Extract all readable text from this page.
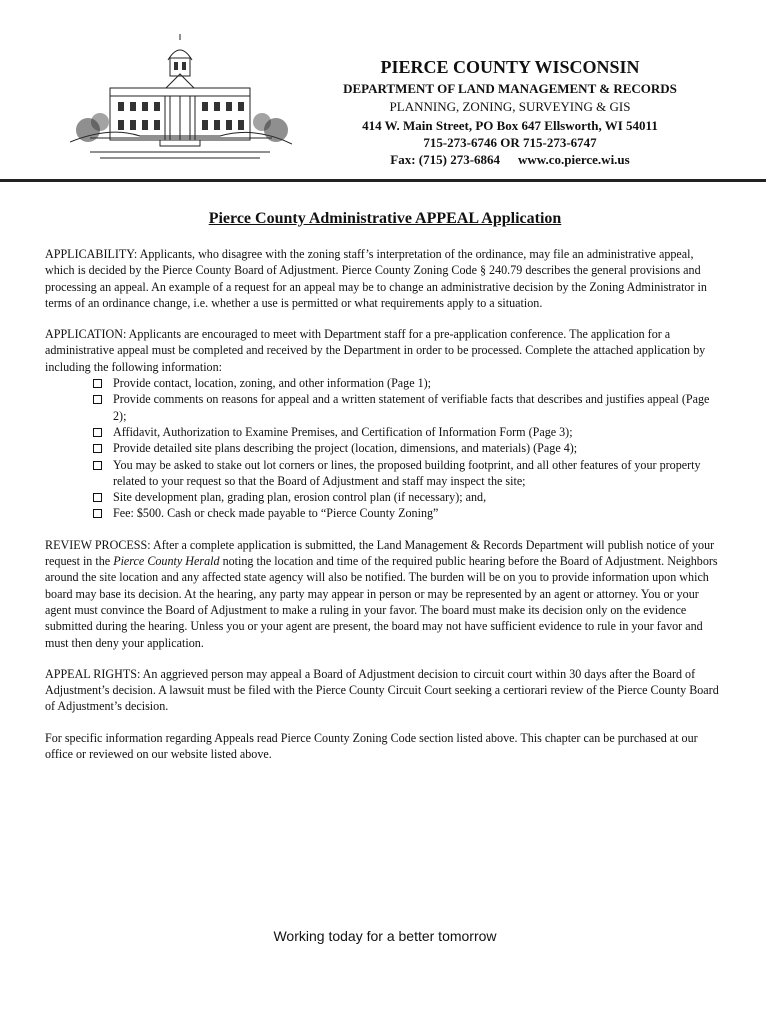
PIERCE COUNTY WISCONSIN
DEPARTMENT OF LAND MANAGEMENT & RECORDS
PLANNING, ZONING, SURVEYING & GIS
414 W. Main Street, PO Box 647 Ellsworth, WI 54011
715-273-6746 OR 715-273-6747
Fax: (715) 273-6864 www.co.pierce.wi.us
Pierce County Administrative APPEAL Application

APPLICABILITY: Applicants, who disagree with the zoning staff’s interpretation of the ordinance, may file an administrative appeal, which is decided by the Pierce County Board of Adjustment. Pierce County Zoning Code § 240.79 describes the general provisions and processing an appeal. An example of a request for an appeal may be to change an administrative decision by the Zoning Administrator in terms of an ordinance change, i.e. whether a use is permitted or what requirements apply to a situation.

APPLICATION: Applicants are encouraged to meet with Department staff for a pre-application conference. The application for a administrative appeal must be completed and received by the Department in order to be processed. Complete the attached application by including the following information:

Provide contact, location, zoning, and other information (Page 1);
Provide comments on reasons for appeal and a written statement of verifiable facts that describes and justifies appeal (Page 2);
Affidavit, Authorization to Examine Premises, and Certification of Information Form (Page 3);
Provide detailed site plans describing the project (location, dimensions, and materials) (Page 4);
You may be asked to stake out lot corners or lines, the proposed building footprint, and all other features of your property related to your request so that the Board of Adjustment and staff may inspect the site;
Site development plan, grading plan, erosion control plan (if necessary); and,
Fee: $500. Cash or check made payable to “Pierce County Zoning”

REVIEW PROCESS: After a complete application is submitted, the Land Management & Records Department will publish notice of your request in the Pierce County Herald noting the location and time of the required public hearing before the Board of Adjustment. Neighbors around the site location and any affected state agency will also be notified. The burden will be on you to provide information upon which board may base its decision. At the hearing, any party may appear in person or may be represented by an agent or attorney. You or your agent must convince the Board of Adjustment to make a ruling in your favor. The board must make its decision only on the evidence submitted during the hearing. Unless you or your agent are present, the board may not have sufficient evidence to rule in your favor and must then deny your application.

APPEAL RIGHTS: An aggrieved person may appeal a Board of Adjustment decision to circuit court within 30 days after the Board of Adjustment’s decision. A lawsuit must be filed with the Pierce County Circuit Court seeking a certiorari review of the Pierce County Board of Adjustment’s decision.

For specific information regarding Appeals read Pierce County Zoning Code section listed above. This chapter can be purchased at our office or reviewed on our website listed above.

Working today for a better tomorrow
